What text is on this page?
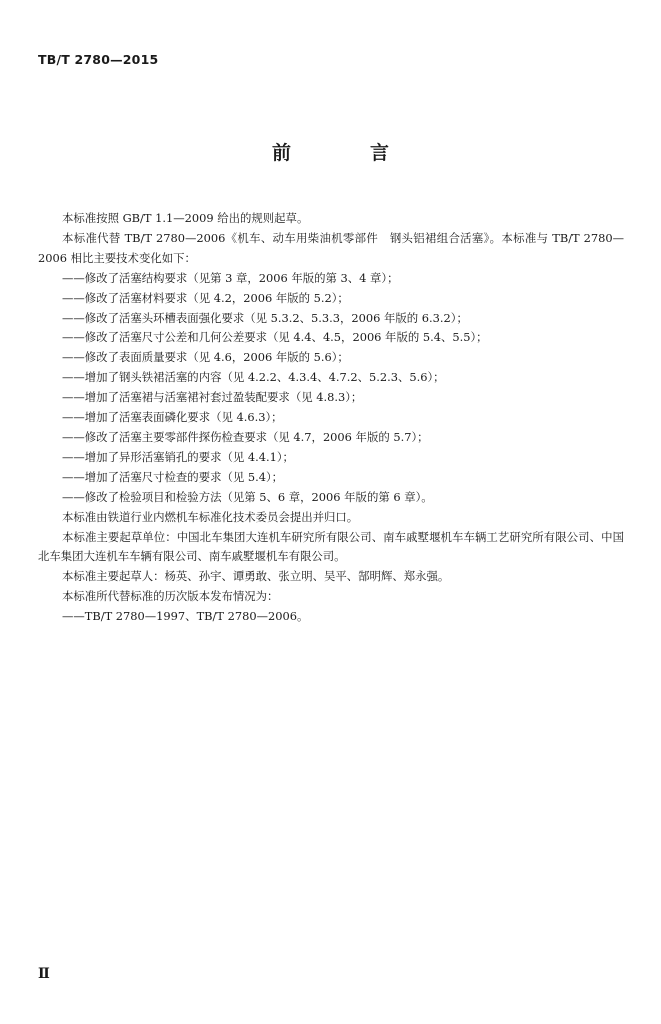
TB/T 2780—2015
前　言

本标准按照 GB/T 1.1—2009 给出的规则起草。

本标准代替 TB/T 2780—2006《机车、动车用柴油机零部件　钢头铝裙组合活塞》。本标准与 TB/T 2780—2006 相比主要技术变化如下：

——修改了活塞结构要求（见第 3 章，2006 年版的第 3、4 章）；

——修改了活塞材料要求（见 4.2，2006 年版的 5.2）；

——修改了活塞头环槽表面强化要求（见 5.3.2、5.3.3，2006 年版的 6.3.2）；

——修改了活塞尺寸公差和几何公差要求（见 4.4、4.5，2006 年版的 5.4、5.5）；

——修改了表面质量要求（见 4.6，2006 年版的 5.6）；

——增加了钢头铁裙活塞的内容（见 4.2.2、4.3.4、4.7.2、5.2.3、5.6）；

——增加了活塞裙与活塞裙衬套过盈装配要求（见 4.8.3）；

——增加了活塞表面磷化要求（见 4.6.3）；

——修改了活塞主要零部件探伤检查要求（见 4.7，2006 年版的 5.7）；

——增加了异形活塞销孔的要求（见 4.4.1）；

——增加了活塞尺寸检查的要求（见 5.4）；

——修改了检验项目和检验方法（见第 5、6 章，2006 年版的第 6 章）。

本标准由铁道行业内燃机车标准化技术委员会提出并归口。

本标准主要起草单位：中国北车集团大连机车研究所有限公司、南车戚墅堰机车车辆工艺研究所有限公司、中国北车集团大连机车车辆有限公司、南车戚墅堰机车有限公司。

本标准主要起草人：杨英、孙宇、谭勇敢、张立明、吴平、郜明辉、郑永强。

本标准所代替标准的历次版本发布情况为：

——TB/T 2780—1997、TB/T 2780—2006。

Ⅱ
